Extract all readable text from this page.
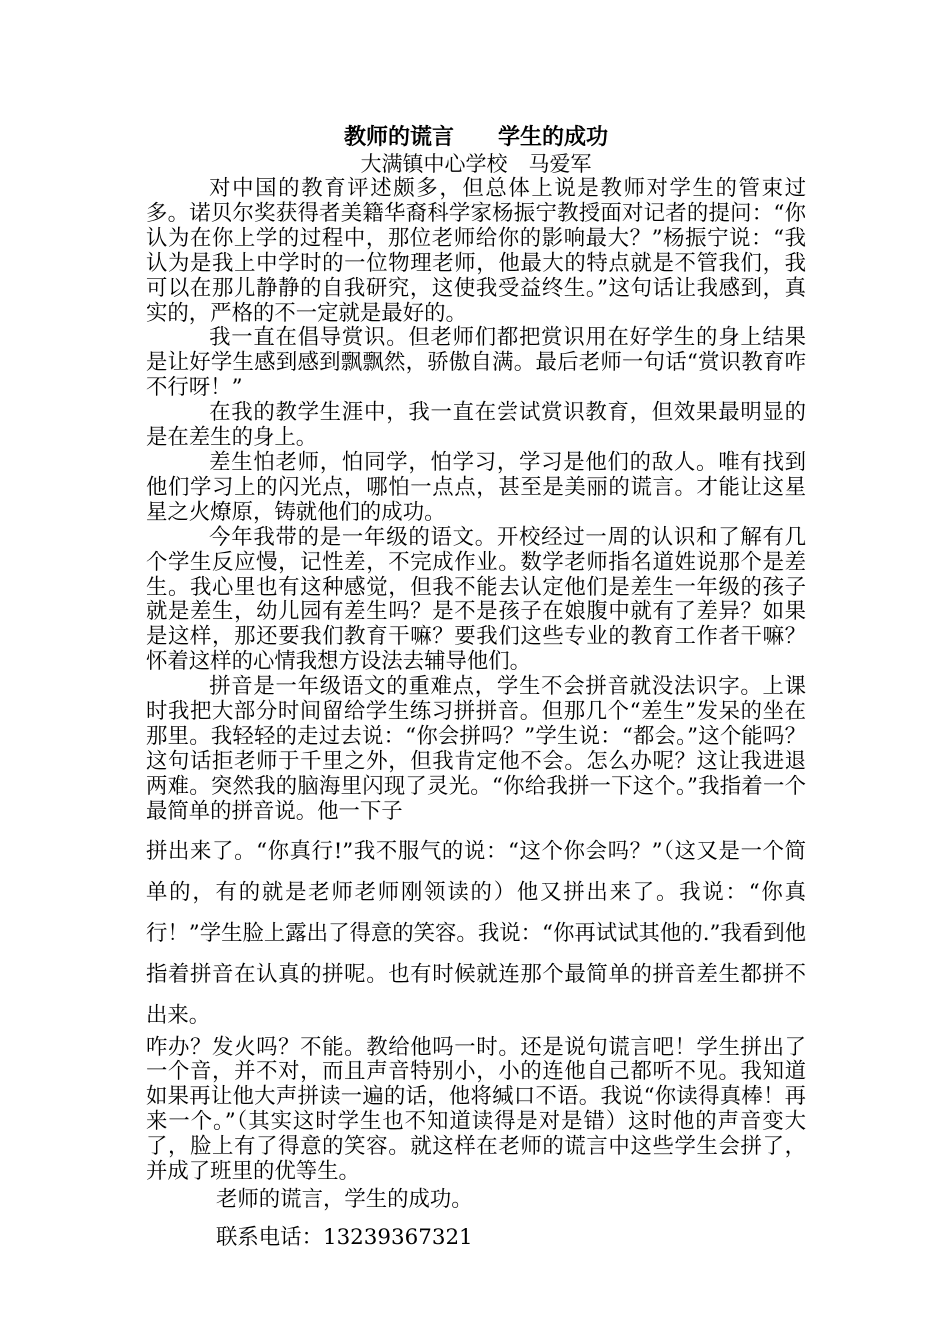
教师的谎言　　学生的成功
大满镇中心学校　马爱军

对中国的教育评述颇多，但总体上说是教师对学生的管束过多。诺贝尔奖获得者美籍华裔科学家杨振宁教授面对记者的提问：“你认为在你上学的过程中，那位老师给你的影响最大？”杨振宁说：“我认为是我上中学时的一位物理老师，他最大的特点就是不管我们，我可以在那儿静静的自我研究，这使我受益终生。”这句话让我感到，真实的，严格的不一定就是最好的。

我一直在倡导赏识。但老师们都把赏识用在好学生的身上结果是让好学生感到感到飘飘然，骄傲自满。最后老师一句话“赏识教育咋不行呀！”

在我的教学生涯中，我一直在尝试赏识教育，但效果最明显的是在差生的身上。

差生怕老师，怕同学，怕学习，学习是他们的敌人。唯有找到他们学习上的闪光点，哪怕一点点，甚至是美丽的谎言。才能让这星星之火燎原，铸就他们的成功。

今年我带的是一年级的语文。开校经过一周的认识和了解有几个学生反应慢，记性差，不完成作业。数学老师指名道姓说那个是差生。我心里也有这种感觉，但我不能去认定他们是差生一年级的孩子就是差生，幼儿园有差生吗？是不是孩子在娘腹中就有了差异？如果是这样，那还要我们教育干嘛？要我们这些专业的教育工作者干嘛？怀着这样的心情我想方设法去辅导他们。

拼音是一年级语文的重难点，学生不会拼音就没法识字。上课时我把大部分时间留给学生练习拼拼音。但那几个“差生”发呆的坐在那里。我轻轻的走过去说：“你会拼吗？”学生说：“都会。”这个能吗？这句话拒老师于千里之外，但我肯定他不会。怎么办呢？这让我进退两难。突然我的脑海里闪现了灵光。“你给我拼一下这个。”我指着一个最简单的拼音说。他一下子

拼出来了。“你真行!”我不服气的说：“这个你会吗？”（这又是一个简单的，有的就是老师老师刚领读的）他又拼出来了。我说：“你真行！”学生脸上露出了得意的笑容。我说：“你再试试其他的.”我看到他指着拼音在认真的拼呢。也有时候就连那个最简单的拼音差生都拼不出来。

咋办？发火吗？不能。教给他吗一时。还是说句谎言吧！学生拼出了一个音，并不对，而且声音特别小，小的连他自己都听不见。我知道如果再让他大声拼读一遍的话，他将缄口不语。我说“你读得真棒！再来一个。”（其实这时学生也不知道读得是对是错）这时他的声音变大了，脸上有了得意的笑容。就这样在老师的谎言中这些学生会拼了，并成了班里的优等生。

老师的谎言，学生的成功。
联系电话：13239367321
